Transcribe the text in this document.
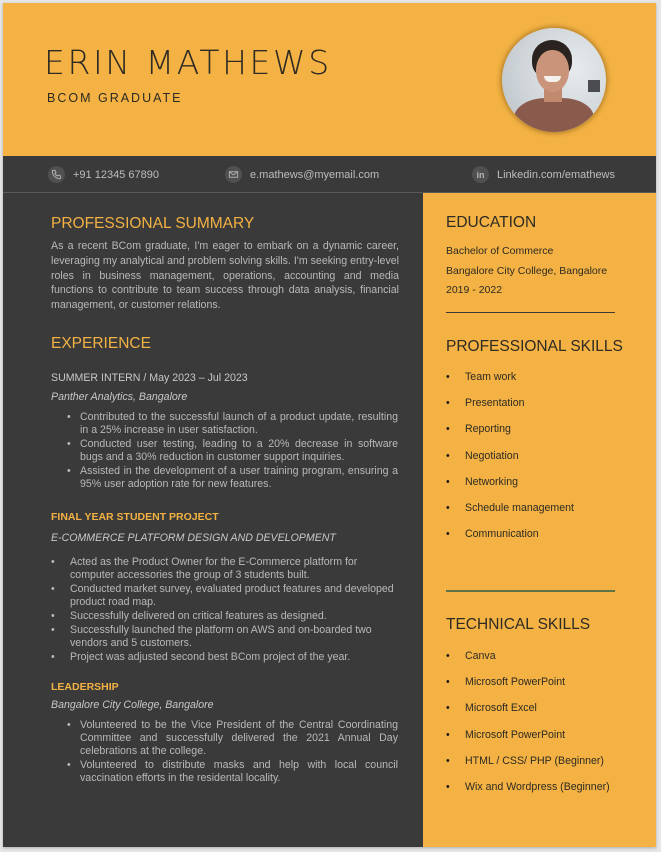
ERIN MATHEWS
BCOM GRADUATE
+91 12345 67890	e.mathews@myemail.com	in	Linkedin.com/emathews
PROFESSIONAL SUMMARY
As a recent BCom graduate, I'm eager to embark on a dynamic career, leveraging my analytical and problem solving skills. I'm seeking entry-level roles in business management, operations, accounting and media functions to contribute to team success through data analysis, financial management, or customer relations.
EXPERIENCE
SUMMER INTERN / May 2023 – Jul 2023
Panther Analytics, Bangalore
• Contributed to the successful launch of a product update, resulting in a 25% increase in user satisfaction.
• Conducted user testing, leading to a 20% decrease in software bugs and a 30% reduction in customer support inquiries.
• Assisted in the development of a user training program, ensuring a 95% user adoption rate for new features.
FINAL YEAR STUDENT PROJECT
E-COMMERCE PLATFORM DESIGN AND DEVELOPMENT
• Acted as the Product Owner for the E-Commerce platform for computer accessories the group of 3 students built.
• Conducted market survey, evaluated product features and developed product road map.
• Successfully delivered on critical features as designed.
• Successfully launched the platform on AWS and on-boarded two vendors and 5 customers.
• Project was adjusted second best BCom project of the year.
LEADERSHIP
Bangalore City College, Bangalore
• Volunteered to be the Vice President of the Central Coordinating Committee and successfully delivered the 2021 Annual Day celebrations at the college.
• Volunteered to distribute masks and help with local council vaccination efforts in the residental locality.
EDUCATION
Bachelor of Commerce
Bangalore City College, Bangalore
2019 - 2022
PROFESSIONAL SKILLS
• Team work
• Presentation
• Reporting
• Negotiation
• Networking
• Schedule management
• Communication
TECHNICAL SKILLS
• Canva
• Microsoft PowerPoint
• Microsoft Excel
• Microsoft PowerPoint
• HTML / CSS/ PHP (Beginner)
• Wix and Wordpress (Beginner)
